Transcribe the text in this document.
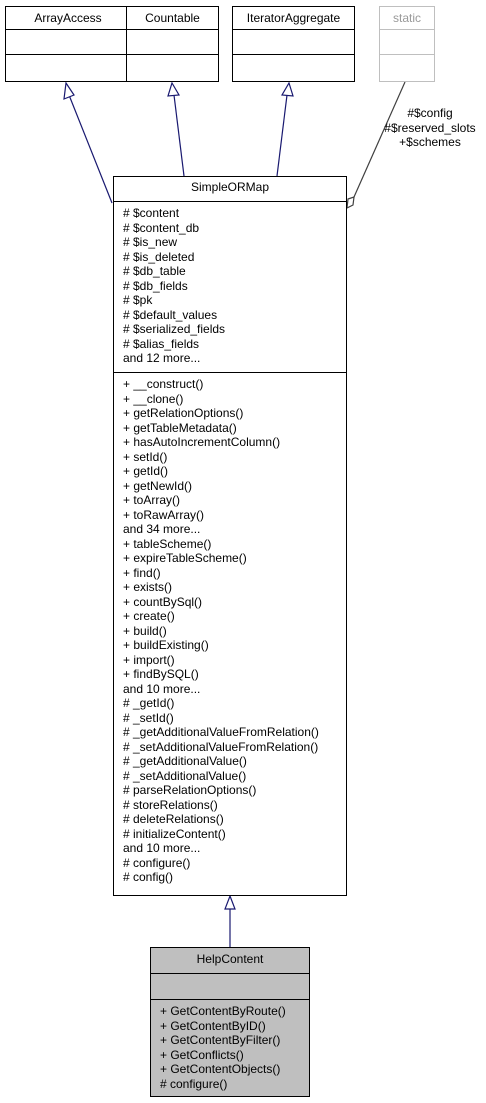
ArrayAccess	Countable	IteratorAggregate	static
#$config
#$reserved_slots
+$schemes
SimpleORMap
# $content
# $content_db
# $is_new
# $is_deleted
# $db_table
# $db_fields
# $pk
# $default_values
# $serialized_fields
# $alias_fields
and 12 more...
+ __construct()
+ __clone()
+ getRelationOptions()
+ getTableMetadata()
+ hasAutoIncrementColumn()
+ setId()
+ getId()
+ getNewId()
+ toArray()
+ toRawArray()
and 34 more...
+ tableScheme()
+ expireTableScheme()
+ find()
+ exists()
+ countBySql()
+ create()
+ build()
+ buildExisting()
+ import()
+ findBySQL()
and 10 more...
# _getId()
# _setId()
# _getAdditionalValueFromRelation()
# _setAdditionalValueFromRelation()
# _getAdditionalValue()
# _setAdditionalValue()
# parseRelationOptions()
# storeRelations()
# deleteRelations()
# initializeContent()
and 10 more...
# configure()
# config()
HelpContent
+ GetContentByRoute()
+ GetContentByID()
+ GetContentByFilter()
+ GetConflicts()
+ GetContentObjects()
# configure()
